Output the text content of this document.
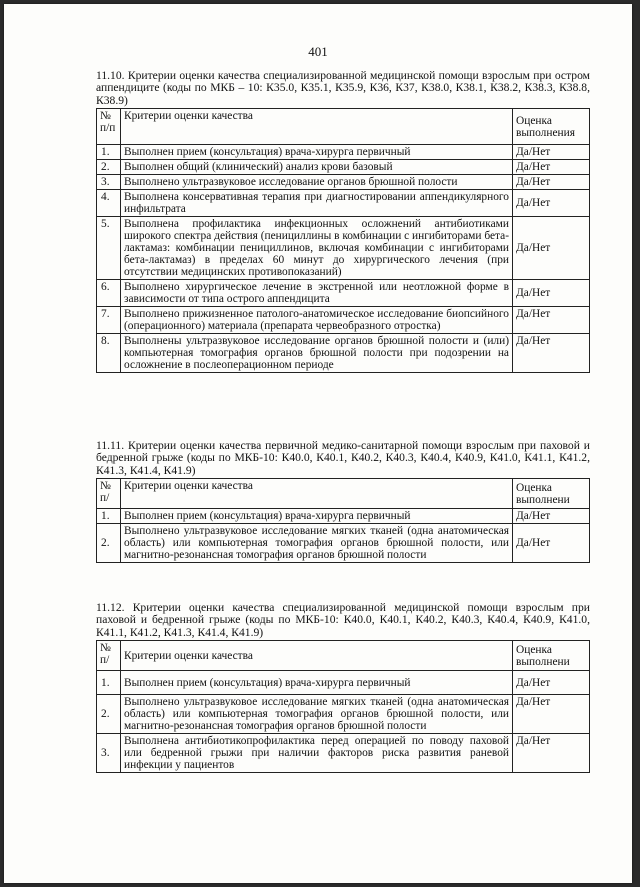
401

11.10. Критерии оценки качества специализированной медицинской помощи взрослым при остром аппендиците (коды по МКБ – 10: К35.0, К35.1, К35.9, К36, К37, К38.0, К38.1, К38.2, К38.3, К38.8, К38.9)

№ п/п	Критерии оценки качества	Оценка выполнения
1.	Выполнен прием (консультация) врача-хирурга первичный	Да/Нет
2.	Выполнен общий (клинический) анализ крови базовый	Да/Нет
3.	Выполнено ультразвуковое исследование органов брюшной полости	Да/Нет
4.	Выполнена консервативная терапия при диагностировании аппендикулярного инфильтрата	Да/Нет
5.	Выполнена профилактика инфекционных осложнений антибиотиками широкого спектра действия (пенициллины в комбинации с ингибиторами бета-лактамаз: комбинации пенициллинов, включая комбинации с ингибиторами бета-лактамаз) в пределах 60 минут до хирургического лечения (при отсутствии медицинских противопоказаний)	Да/Нет
6.	Выполнено хирургическое лечение в экстренной или неотложной форме в зависимости от типа острого аппендицита	Да/Нет
7.	Выполнено прижизненное патолого-анатомическое исследование биопсийного (операционного) материала (препарата червеобразного отростка)	Да/Нет
8.	Выполнены ультразвуковое исследование органов брюшной полости и (или) компьютерная томография органов брюшной полости при подозрении на осложнение в послеоперационном периоде	Да/Нет

11.11. Критерии оценки качества первичной медико-санитарной помощи взрослым при паховой и бедренной грыже (коды по МКБ-10: К40.0, К40.1, К40.2, К40.3, К40.4, К40.9, К41.0, К41.1, К41.2, К41.3, К41.4, К41.9)

№ п/	Критерии оценки качества	Оценка выполнени
1.	Выполнен прием (консультация) врача-хирурга первичный	Да/Нет
2.	Выполнено ультразвуковое исследование мягких тканей (одна анатомическая область) или компьютерная томография органов брюшной полости, или магнитно-резонансная томография органов брюшной полости	Да/Нет

11.12. Критерии оценки качества специализированной медицинской помощи взрослым при паховой и бедренной грыже (коды по МКБ-10: К40.0, К40.1, К40.2, К40.3, К40.4, К40.9, К41.0, К41.1, К41.2, К41.3, К41.4, К41.9)

№ п/	Критерии оценки качества	Оценка выполнени
1.	Выполнен прием (консультация) врача-хирурга первичный	Да/Нет
2.	Выполнено ультразвуковое исследование мягких тканей (одна анатомическая область) или компьютерная томография органов брюшной полости, или магнитно-резонансная томография органов брюшной полости	Да/Нет
3.	Выполнена антибиотикопрофилактика перед операцией по поводу паховой или бедренной грыжи при наличии факторов риска развития раневой инфекции у пациентов	Да/Нет
